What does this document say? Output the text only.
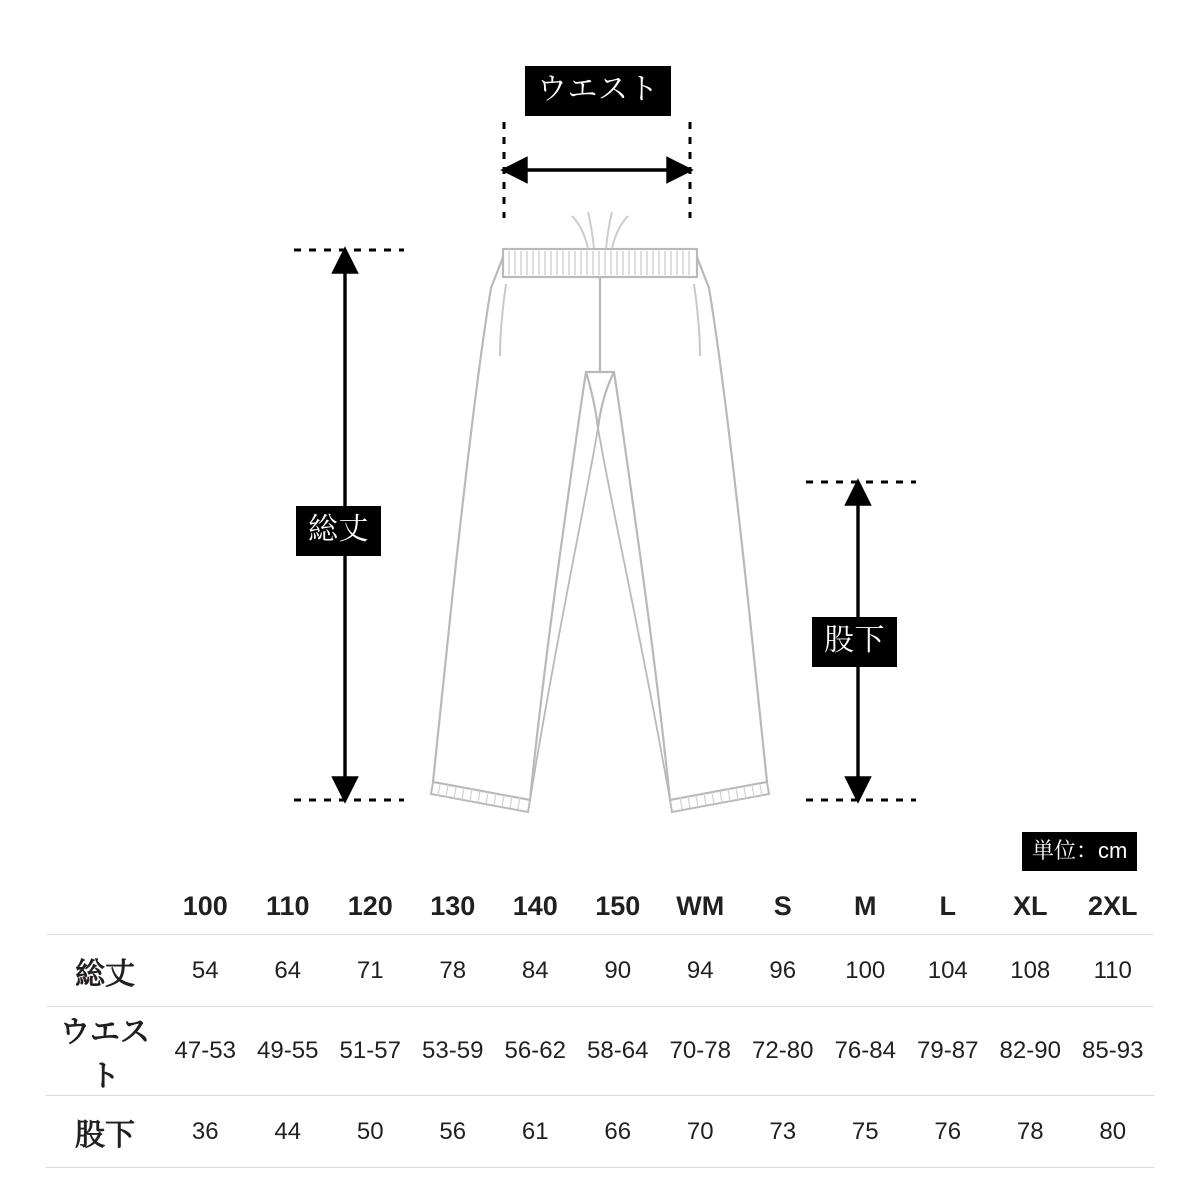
ウエスト
総丈
股下
単位：cm
	100	110	120	130	140	150	WM	S	M	L	XL	2XL
総丈	54	64	71	78	84	90	94	96	100	104	108	110
ウエスト	47-53	49-55	51-57	53-59	56-62	58-64	70-78	72-80	76-84	79-87	82-90	85-93
股下	36	44	50	56	61	66	70	73	75	76	78	80
